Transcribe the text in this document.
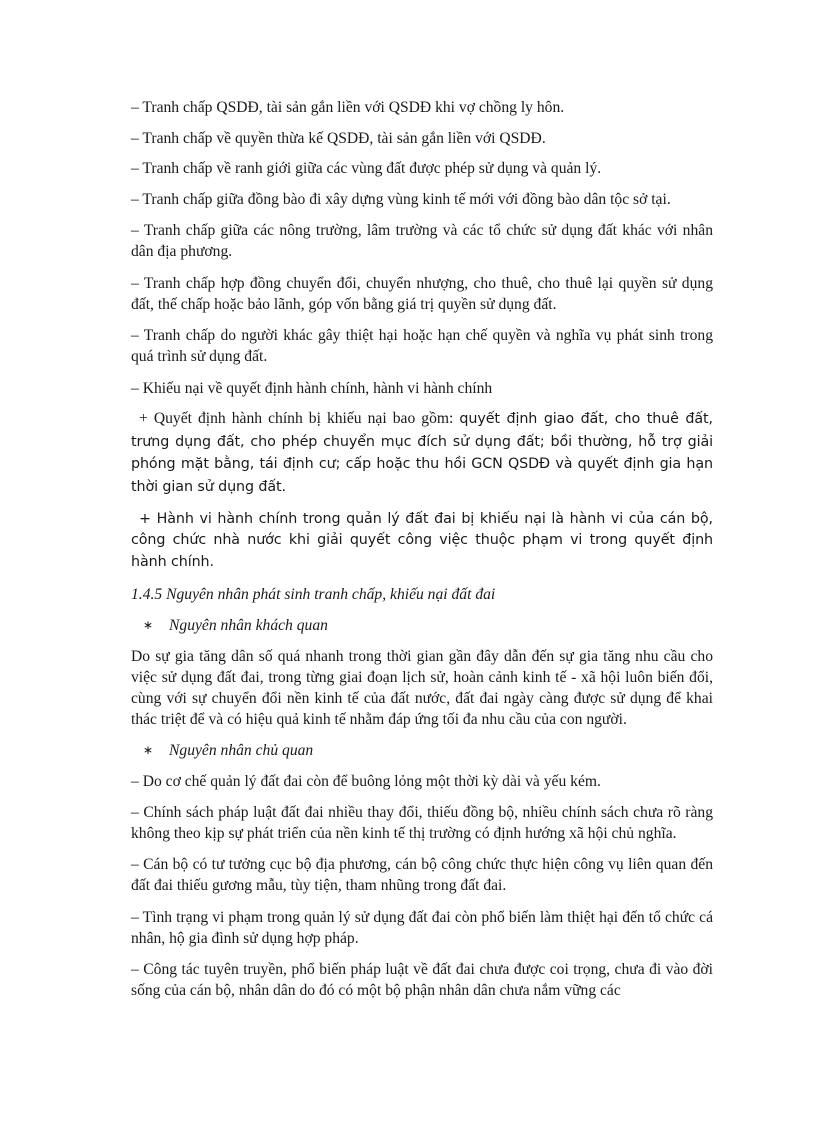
– Tranh chấp QSDĐ, tài sản gắn liền với QSDĐ khi vợ chồng ly hôn.

– Tranh chấp về quyền thừa kế QSDĐ, tài sản gắn liền với QSDĐ.

– Tranh chấp về ranh giới giữa các vùng đất được phép sử dụng và quản lý.

– Tranh chấp giữa đồng bào đi xây dựng vùng kinh tế mới với đồng bào dân tộc sở tại.

– Tranh chấp giữa các nông trường, lâm trường và các tổ chức sử dụng đất khác với nhân dân địa phương.

– Tranh chấp hợp đồng chuyển đổi, chuyển nhượng, cho thuê, cho thuê lại quyền sử dụng đất, thế chấp hoặc bảo lãnh, góp vốn bằng giá trị quyền sử dụng đất.

– Tranh chấp do người khác gây thiệt hại hoặc hạn chế quyền và nghĩa vụ phát sinh trong quá trình sử dụng đất.

– Khiếu nại về quyết định hành chính, hành vi hành chính

+ Quyết định hành chính bị khiếu nại bao gồm: quyết định giao đất, cho thuê đất, trưng dụng đất, cho phép chuyển mục đích sử dụng đất; bồi thường, hỗ trợ giải phóng mặt bằng, tái định cư; cấp hoặc thu hồi GCN QSDĐ và quyết định gia hạn thời gian sử dụng đất.

+ Hành vi hành chính trong quản lý đất đai bị khiếu nại là hành vi của cán bộ, công chức nhà nước khi giải quyết công việc thuộc phạm vi trong quyết định hành chính.

1.4.5 Nguyên nhân phát sinh tranh chấp, khiếu nại đất đai

∗ Nguyên nhân khách quan

Do sự gia tăng dân số quá nhanh trong thời gian gần đây dẫn đến sự gia tăng nhu cầu cho việc sử dụng đất đai, trong từng giai đoạn lịch sử, hoàn cảnh kinh tế - xã hội luôn biến đổi, cùng với sự chuyển đổi nền kinh tế của đất nước, đất đai ngày càng được sử dụng để khai thác triệt để và có hiệu quả kinh tế nhằm đáp ứng tối đa nhu cầu của con người.

∗ Nguyên nhân chủ quan

– Do cơ chế quản lý đất đai còn để buông lỏng một thời kỳ dài và yếu kém.

– Chính sách pháp luật đất đai nhiều thay đổi, thiếu đồng bộ, nhiều chính sách chưa rõ ràng không theo kịp sự phát triển của nền kinh tế thị trường có định hướng xã hội chủ nghĩa.

– Cán bộ có tư tưởng cục bộ địa phương, cán bộ công chức thực hiện công vụ liên quan đến đất đai thiếu gương mẫu, tùy tiện, tham nhũng trong đất đai.

– Tình trạng vi phạm trong quản lý sử dụng đất đai còn phổ biến làm thiệt hại đến tổ chức cá nhân, hộ gia đình sử dụng hợp pháp.

– Công tác tuyên truyền, phổ biến pháp luật về đất đai chưa được coi trọng, chưa đi vào đời sống của cán bộ, nhân dân do đó có một bộ phận nhân dân chưa nắm vững các
